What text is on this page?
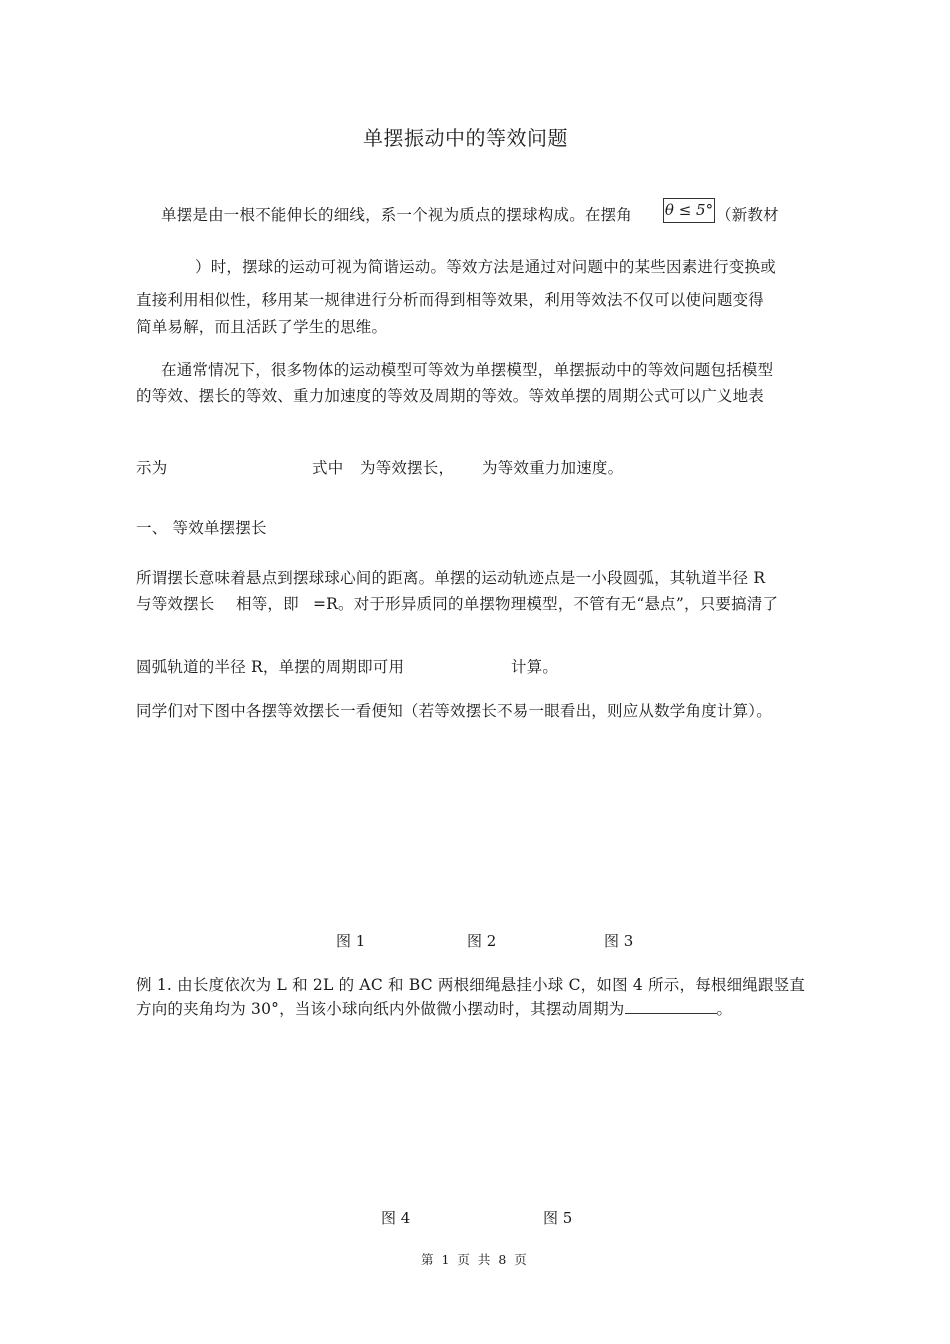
单摆振动中的等效问题
单摆是由一根不能伸长的细线，系一个视为质点的摆球构成。在摆角 θ ≤ 5° （新教材
）时，摆球的运动可视为简谐运动。等效方法是通过对问题中的某些因素进行变换或
直接利用相似性，移用某一规律进行分析而得到相等效果，利用等效法不仅可以使问题变得
简单易解，而且活跃了学生的思维。
在通常情况下，很多物体的运动模型可等效为单摆模型，单摆振动中的等效问题包括模型
的等效、摆长的等效、重力加速度的等效及周期的等效。等效单摆的周期公式可以广义地表
示为	式中 为等效摆长， 为等效重力加速度。
一、 等效单摆摆长
所谓摆长意味着悬点到摆球球心间的距离。单摆的运动轨迹点是一小段圆弧，其轨道半径 R
与等效摆长 相等，即 =R。对于形异质同的单摆物理模型，不管有无“悬点”，只要搞清了
圆弧轨道的半径 R，单摆的周期即可用	计算。
同学们对下图中各摆等效摆长一看便知（若等效摆长不易一眼看出，则应从数学角度计算）。
图 1	图 2	图 3
例 1. 由长度依次为 L 和 2L 的 AC 和 BC 两根细绳悬挂小球 C，如图 4 所示，每根细绳跟竖直
方向的夹角均为 30°，当该小球向纸内外做微小摆动时，其摆动周期为	。
图 4	图 5
第 1 页 共 8 页
